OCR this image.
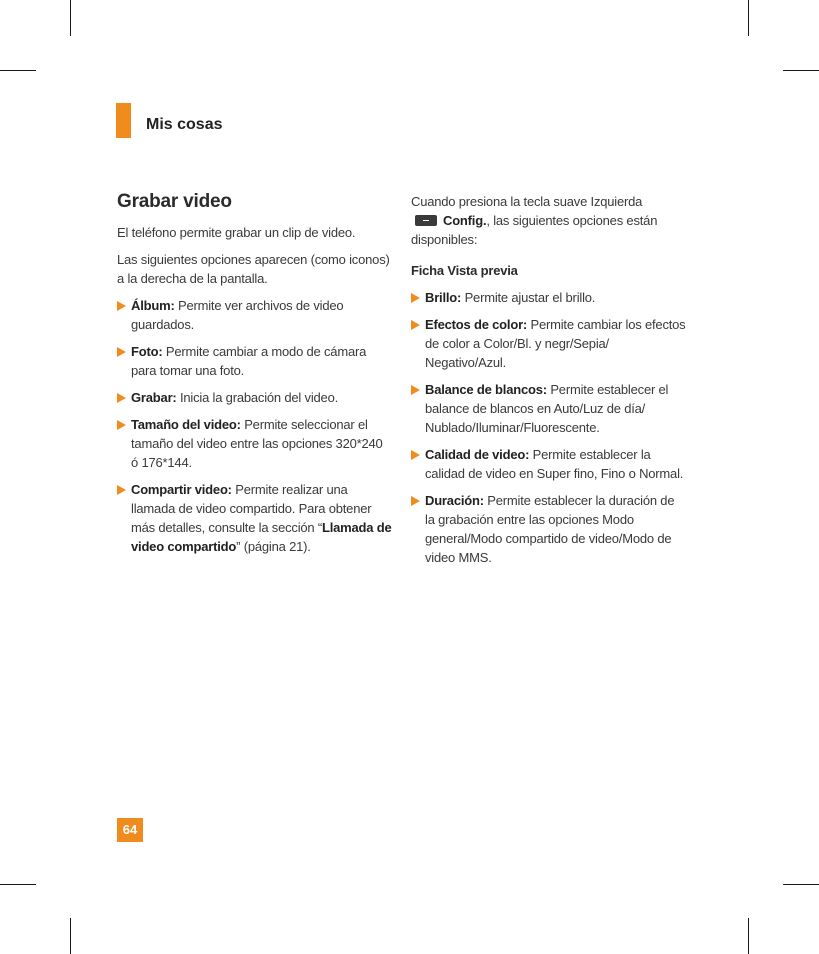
Mis cosas
Grabar video

El teléfono permite grabar un clip de video.

Las siguientes opciones aparecen (como iconos) a la derecha de la pantalla.

Álbum: Permite ver archivos de video guardados.
Foto: Permite cambiar a modo de cámara para tomar una foto.
Grabar: Inicia la grabación del video.
Tamaño del video: Permite seleccionar el tamaño del video entre las opciones 320*240 ó 176*144.
Compartir video: Permite realizar una llamada de video compartido. Para obtener más detalles, consulte la sección “Llamada de video compartido” (página 21).

Cuando presiona la tecla suave Izquierda
Config., las siguientes opciones están disponibles:

Ficha Vista previa
Brillo: Permite ajustar el brillo.
Efectos de color: Permite cambiar los efectos de color a Color/Bl. y negr/Sepia/ Negativo/Azul.
Balance de blancos: Permite establecer el balance de blancos en Auto/Luz de día/ Nublado/Iluminar/Fluorescente.
Calidad de video: Permite establecer la calidad de video en Super fino, Fino o Normal.
Duración: Permite establecer la duración de la grabación entre las opciones Modo general/Modo compartido de video/Modo de video MMS.
64
